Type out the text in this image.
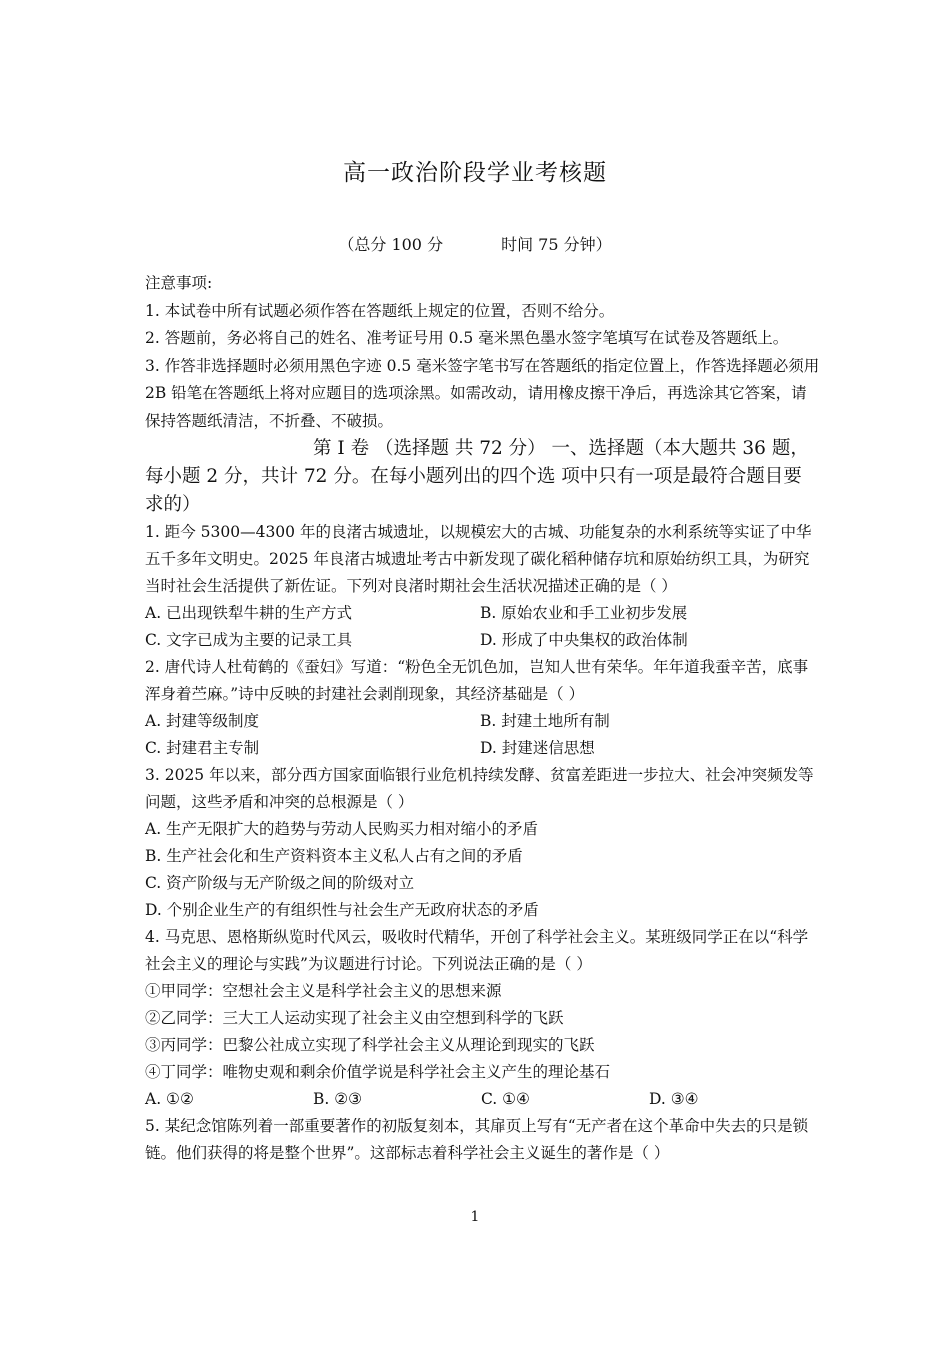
高一政治阶段学业考核题
（总分 100 分	时间 75 分钟）

注意事项:

1. 本试卷中所有试题必须作答在答题纸上规定的位置，否则不给分。

2. 答题前，务必将自己的姓名、准考证号用 0.5 毫米黑色墨水签字笔填写在试卷及答题纸上。

3. 作答非选择题时必须用黑色字迹 0.5 毫米签字笔书写在答题纸的指定位置上，作答选择题必须用 2B 铅笔在答题纸上将对应题目的选项涂黑。如需改动，请用橡皮擦干净后，再选涂其它答案，请保持答题纸清洁，不折叠、不破损。

第 I 卷 （选择题 共 72 分） 一、选择题（本大题共 36 题，每小题 2 分，共计 72 分。在每小题列出的四个选 项中只有一项是最符合题目要求的）

1. 距今 5300—4300 年的良渚古城遗址，以规模宏大的古城、功能复杂的水利系统等实证了中华五千多年文明史。2025 年良渚古城遗址考古中新发现了碳化稻种储存坑和原始纺织工具，为研究当时社会生活提供了新佐证。下列对良渚时期社会生活状况描述正确的是（ ）

A. 已出现铁犁牛耕的生产方式	B. 原始农业和手工业初步发展
C. 文字已成为主要的记录工具	D. 形成了中央集权的政治体制

2. 唐代诗人杜荀鹤的《蚕妇》写道：“粉色全无饥色加，岂知人世有荣华。年年道我蚕辛苦，底事浑身着苎麻。”诗中反映的封建社会剥削现象，其经济基础是（ ）

A. 封建等级制度	B. 封建土地所有制
C. 封建君主专制	D. 封建迷信思想

3. 2025 年以来，部分西方国家面临银行业危机持续发酵、贫富差距进一步拉大、社会冲突频发等问题，这些矛盾和冲突的总根源是（ ）

A. 生产无限扩大的趋势与劳动人民购买力相对缩小的矛盾

B. 生产社会化和生产资料资本主义私人占有之间的矛盾

C. 资产阶级与无产阶级之间的阶级对立

D. 个别企业生产的有组织性与社会生产无政府状态的矛盾

4. 马克思、恩格斯纵览时代风云，吸收时代精华，开创了科学社会主义。某班级同学正在以“科学社会主义的理论与实践”为议题进行讨论。下列说法正确的是（ ）

①甲同学：空想社会主义是科学社会主义的思想来源

②乙同学：三大工人运动实现了社会主义由空想到科学的飞跃

③丙同学：巴黎公社成立实现了科学社会主义从理论到现实的飞跃

④丁同学：唯物史观和剩余价值学说是科学社会主义产生的理论基石

A. ①②	B. ②③	C. ①④	D. ③④

5. 某纪念馆陈列着一部重要著作的初版复刻本，其扉页上写有“无产者在这个革命中失去的只是锁链。他们获得的将是整个世界”。这部标志着科学社会主义诞生的著作是（ ）

1
